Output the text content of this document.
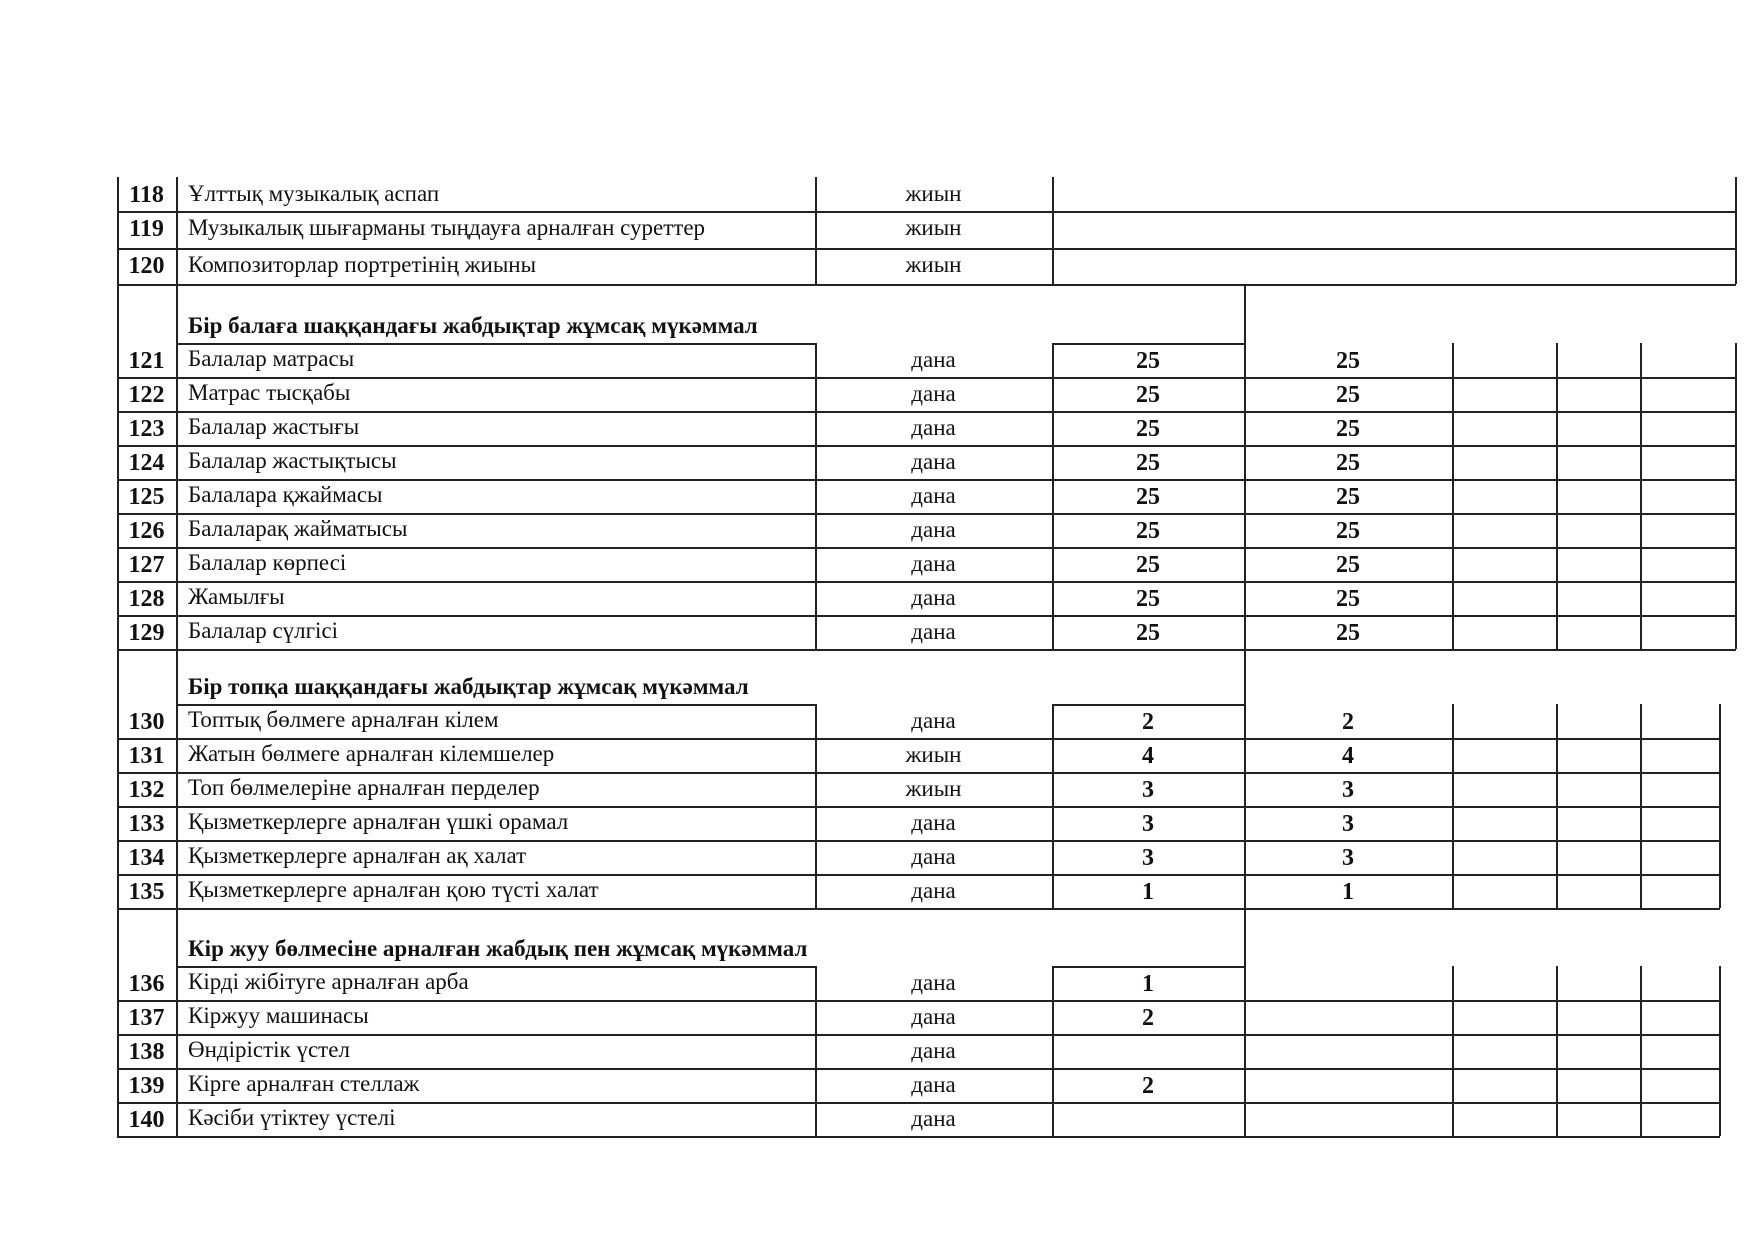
118	Ұлттық музыкалық аспап	жиын
119	Музыкалық шығарманы тыңдауға арналған суреттер	жиын
120	Композиторлар портретінің жиыны	жиын
Бір балаға шаққандағы жабдықтар жұмсақ мүкәммал
121	Балалар матрасы	дана	25	25
122	Матрас тысқабы	дана	25	25
123	Балалар жастығы	дана	25	25
124	Балалар жастықтысы	дана	25	25
125	Балалара қжаймасы	дана	25	25
126	Балаларақ жайматысы	дана	25	25
127	Балалар көрпесі	дана	25	25
128	Жамылғы	дана	25	25
129	Балалар сүлгісі	дана	25	25
Бір топқа шаққандағы жабдықтар жұмсақ мүкәммал
130	Топтық бөлмеге арналған кілем	дана	2	2
131	Жатын бөлмеге арналған кілемшелер	жиын	4	4
132	Топ бөлмелеріне арналған перделер	жиын	3	3
133	Қызметкерлерге арналған үшкі орамал	дана	3	3
134	Қызметкерлерге арналған ақ халат	дана	3	3
135	Қызметкерлерге арналған қою түсті халат	дана	1	1
Кір жуу бөлмесіне арналған жабдық пен жұмсақ мүкәммал
136	Кірді жібітуге арналған арба	дана	1
137	Кіржуу машинасы	дана	2
138	Өндірістік үстел	дана
139	Кірге арналған стеллаж	дана	2
140	Кәсіби үтіктеу үстелі	дана
